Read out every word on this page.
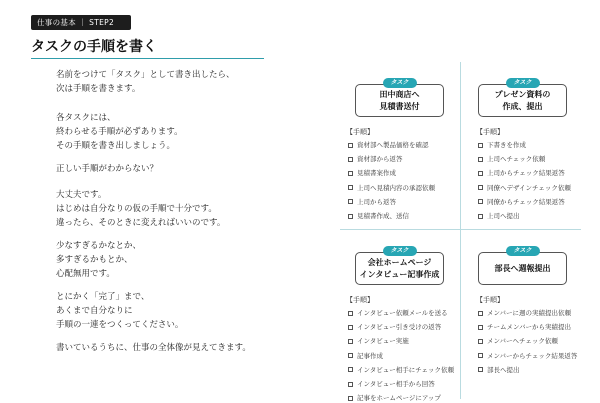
仕事の基本 ｜ STEP2
タスクの手順を書く
名前をつけて「タスク」として書き出したら、
次は手順を書きます。
各タスクには、
終わらせる手順が必ずあります。
その手順を書き出しましょう。
正しい手順がわからない？
大丈夫です。
はじめは自分なりの仮の手順で十分です。
違ったら、そのときに変えればいいのです。
少なすぎるかなとか、
多すぎるかもとか、
心配無用です。
とにかく「完了」まで、
あくまで自分なりに
手順の一連をつくってください。
書いているうちに、仕事の全体像が見えてきます。
タスク
田中商店へ
見積書送付
【手順】
資材部へ製品価格を確認
資材部から返答
見積書案作成
上司へ見積内容の承認依頼
上司から返答
見積書作成、送信
タスク
プレゼン資料の
作成、提出
【手順】
下書きを作成
上司へチェック依頼
上司からチェック結果返答
同僚へデザインチェック依頼
同僚からチェック結果返答
上司へ提出
タスク
会社ホームページ
インタビュー記事作成
【手順】
インタビュー依頼メールを送る
インタビュー引き受けの返答
インタビュー実施
記事作成
インタビュー相手にチェック依頼
インタビュー相手から回答
記事をホームページにアップ
タスク
部長へ週報提出
【手順】
メンバーに週の実績提出依頼
チームメンバーから実績提出
メンバーへチェック依頼
メンバーからチェック結果返答
部長へ提出
